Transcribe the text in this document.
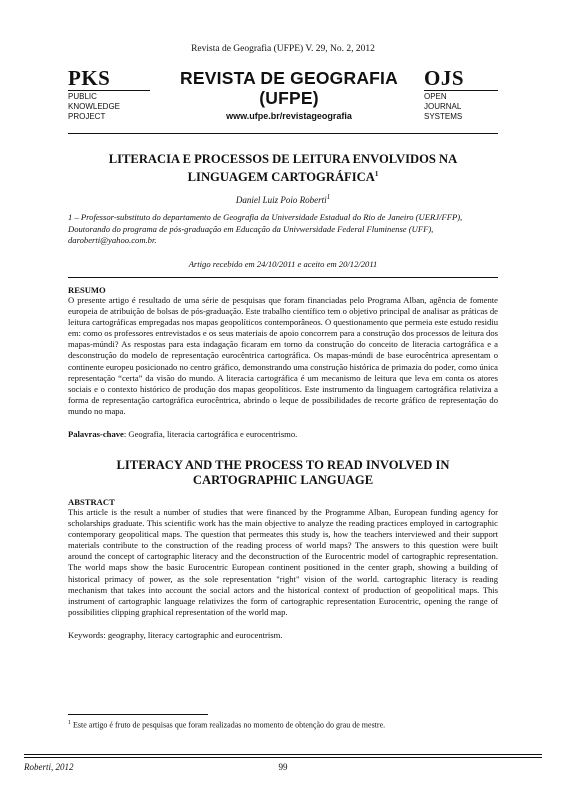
Revista de Geografia (UFPE) V. 29, No. 2, 2012
PKS
PUBLIC
KNOWLEDGE
PROJECT
REVISTA DE GEOGRAFIA
(UFPE)
www.ufpe.br/revistageografia
OJS
OPEN
JOURNAL
SYSTEMS
LITERACIA E PROCESSOS DE LEITURA ENVOLVIDOS NA
LINGUAGEM CARTOGRÁFICA$^1$
Daniel Luiz Poio Roberti$^1$
1 – Professor-substituto do departamento de Geografia da Universidade Estadual do Rio de Janeiro (UERJ/FFP), Doutorando do programa de pós-graduação em Educação da Univwersidade Federal Fluminense (UFF), daroberti@yahoo.com.br.
Artigo recebido em 24/10/2011 e aceito em 20/12/2011
RESUMO
O presente artigo é resultado de uma série de pesquisas que foram financiadas pelo Programa Alban, agência de fomente europeia de atribuição de bolsas de pós-graduação. Este trabalho científico tem o objetivo principal de analisar as práticas de leitura cartográficas empregadas nos mapas geopolíticos contemporâneos. O questionamento que permeia este estudo residiu em: como os professores entrevistados e os seus materiais de apoio concorrem para a construção dos processos de leitura dos mapas-múndi? As respostas para esta indagação ficaram em torno da construção do conceito de literacia cartográfica e a desconstrução do modelo de representação eurocêntrica cartográfica. Os mapas-múndi de base eurocêntrica apresentam o continente europeu posicionado no centro gráfico, demonstrando uma construção histórica de primazia do poder, como única representação “certa” da visão do mundo. A literacia cartográfica é um mecanismo de leitura que leva em conta os atores sociais e o contexto histórico de produção dos mapas geopolíticos. Este instrumento da linguagem cartográfica relativiza a forma de representação cartográfica eurocêntrica, abrindo o leque de possibilidades de recorte gráfico de representação do mundo no mapa.
Palavras-chave: Geografia, literacia cartográfica e eurocentrismo.
LITERACY AND THE PROCESS TO READ INVOLVED IN
CARTOGRAPHIC LANGUAGE
ABSTRACT
This article is the result a number of studies that were financed by the Programme Alban, European funding agency for scholarships graduate. This scientific work has the main objective to analyze the reading practices employed in cartographic contemporary geopolitical maps. The question that permeates this study is, how the teachers interviewed and their support materials contribute to the construction of the reading process of world maps? The answers to this question were built around the concept of cartographic literacy and the deconstruction of the Eurocentric model of cartographic representation. The world maps show the basic Eurocentric European continent positioned in the center graph, showing a building of historical primacy of power, as the sole representation "right" vision of the world. cartographic literacy is reading mechanism that takes into account the social actors and the historical context of production of geopolitical maps. This instrument of cartographic language relativizes the form of cartographic representation Eurocentric, opening the range of possibilities clipping graphical representation of the world map.
Keywords: geography, literacy cartographic and eurocentrism.
$^1$ Este artigo é fruto de pesquisas que foram realizadas no momento de obtenção do grau de mestre.
Roberti, 2012	99
